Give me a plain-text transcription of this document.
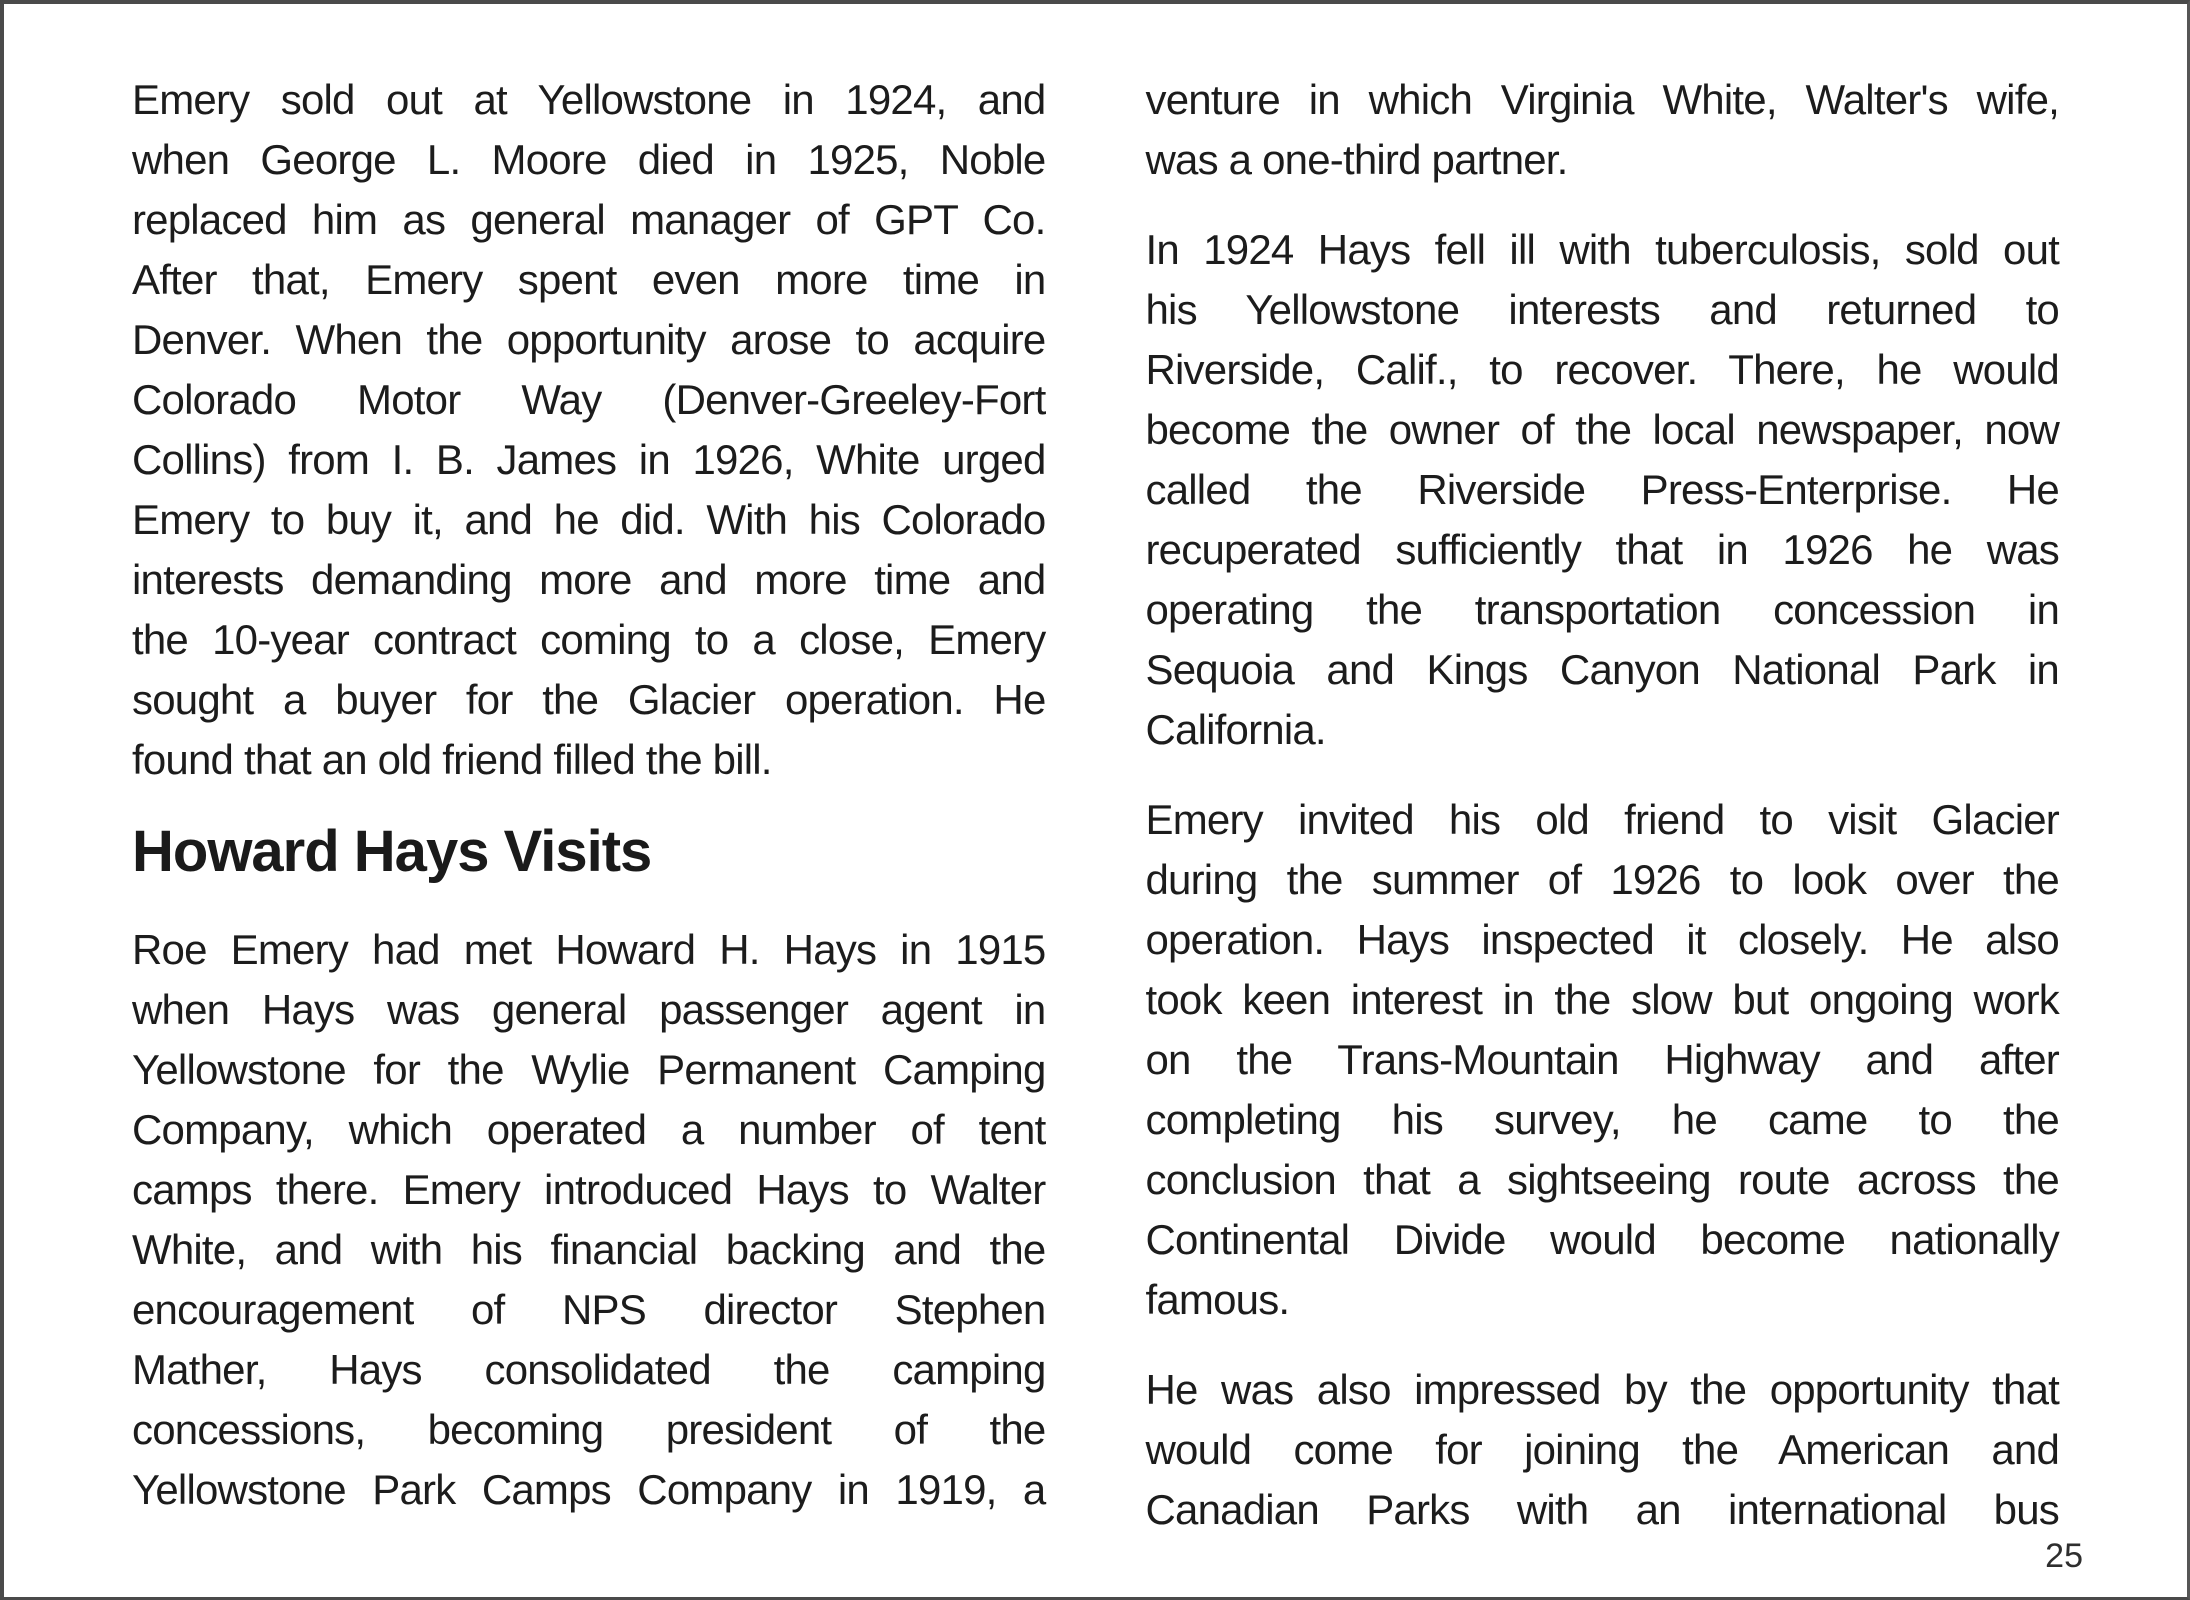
Emery sold out at Yellowstone in 1924, and
when George L. Moore died in 1925, Noble
replaced him as general manager of GPT Co.
After that, Emery spent even more time in
Denver. When the opportunity arose to acquire
Colorado Motor Way (Denver-Greeley-Fort
Collins) from I. B. James in 1926, White urged
Emery to buy it, and he did. With his Colorado
interests demanding more and more time and
the 10-year contract coming to a close, Emery
sought a buyer for the Glacier operation. He
found that an old friend filled the bill.
Howard Hays Visits
Roe Emery had met Howard H. Hays in 1915
when Hays was general passenger agent in
Yellowstone for the Wylie Permanent Camping
Company, which operated a number of tent
camps there. Emery introduced Hays to Walter
White, and with his financial backing and the
encouragement of NPS director Stephen
Mather, Hays consolidated the camping
concessions, becoming president of the
Yellowstone Park Camps Company in 1919, a
venture in which Virginia White, Walter's wife,
was a one-third partner.
In 1924 Hays fell ill with tuberculosis, sold out
his Yellowstone interests and returned to
Riverside, Calif., to recover. There, he would
become the owner of the local newspaper, now
called the Riverside Press-Enterprise. He
recuperated sufficiently that in 1926 he was
operating the transportation concession in
Sequoia and Kings Canyon National Park in
California.
Emery invited his old friend to visit Glacier
during the summer of 1926 to look over the
operation. Hays inspected it closely. He also
took keen interest in the slow but ongoing work
on the Trans-Mountain Highway and after
completing his survey, he came to the
conclusion that a sightseeing route across the
Continental Divide would become nationally
famous.
He was also impressed by the opportunity that
would come for joining the American and
Canadian Parks with an international bus
25
